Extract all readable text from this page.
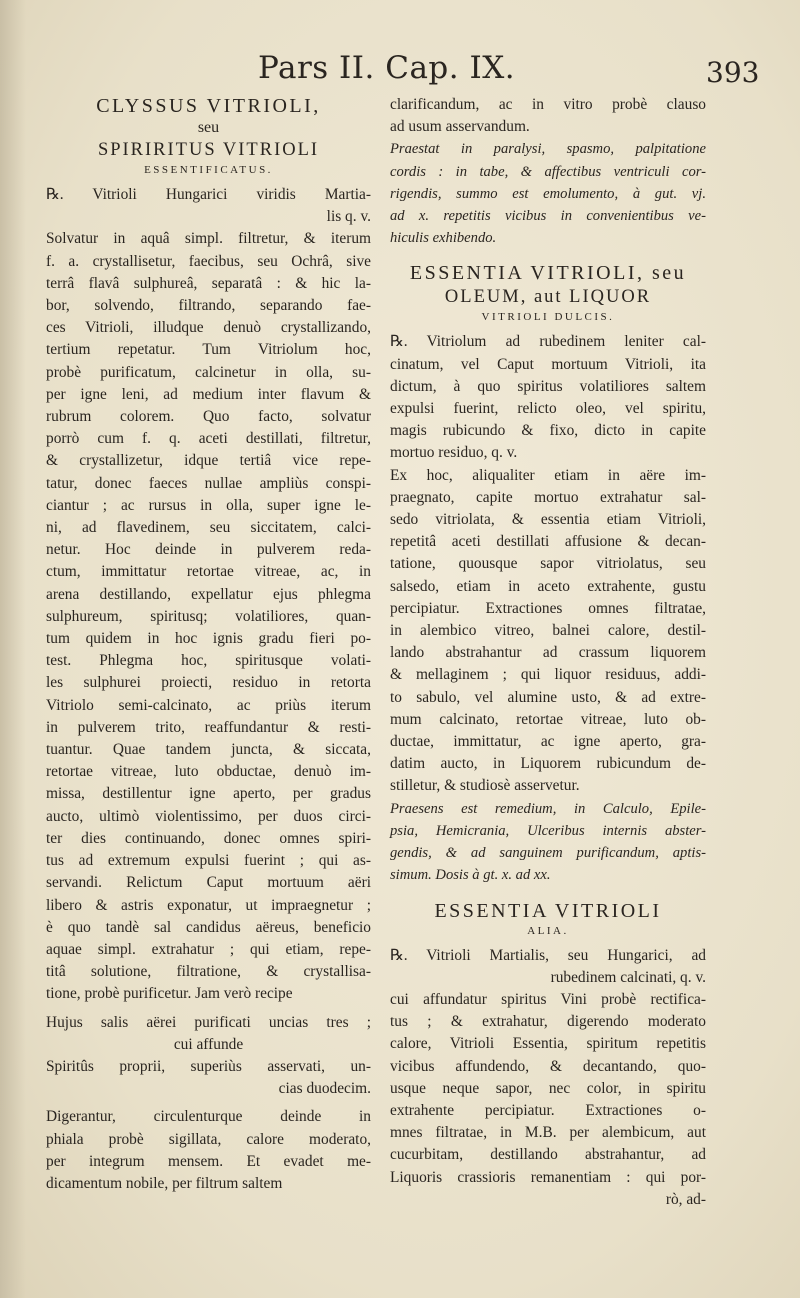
Pars II. Cap. IX.	393
CLYSSUS VITRIOLI,
seu
SPIRIRITUS VITRIOLI
ESSENTIFICATUS.
℞. Vitrioli Hungarici viridis Martia-
lis q. v.
Solvatur in aquâ simpl. filtretur, & iterum
f. a. crystallisetur, faecibus, seu Ochrâ, sive
terrâ flavâ sulphureâ, separatâ : & hic la-
bor, solvendo, filtrando, separando fae-
ces Vitrioli, illudque denuò crystallizando,
tertium repetatur. Tum Vitriolum hoc,
probè purificatum, calcinetur in olla, su-
per igne leni, ad medium inter flavum &
rubrum colorem. Quo facto, solvatur
porrò cum f. q. aceti destillati, filtretur,
& crystallizetur, idque tertiâ vice repe-
tatur, donec faeces nullae ampliùs conspi-
ciantur ; ac rursus in olla, super igne le-
ni, ad flavedinem, seu siccitatem, calci-
netur. Hoc deinde in pulverem reda-
ctum, immittatur retortae vitreae, ac, in
arena destillando, expellatur ejus phlegma
sulphureum, spiritusq; volatiliores, quan-
tum quidem in hoc ignis gradu fieri po-
test. Phlegma hoc, spiritusque volati-
les sulphurei proiecti, residuo in retorta
Vitriolo semi-calcinato, ac priùs iterum
in pulverem trito, reaffundantur & resti-
tuantur. Quae tandem juncta, & siccata,
retortae vitreae, luto obductae, denuò im-
missa, destillentur igne aperto, per gradus
aucto, ultimò violentissimo, per duos circi-
ter dies continuando, donec omnes spiri-
tus ad extremum expulsi fuerint ; qui as-
servandi. Relictum Caput mortuum aëri
libero & astris exponatur, ut impraegnetur ;
è quo tandè sal candidus aëreus, beneficio
aquae simpl. extrahatur ; qui etiam, repe-
titâ solutione, filtratione, & crystallisa-
tione, probè purificetur. Jam verò recipe
Hujus salis aërei purificati uncias tres ;
cui affunde
Spiritûs proprii, superiùs asservati, un-
cias duodecim.
Digerantur, circulenturque deinde in
phiala probè sigillata, calore moderato,
per integrum mensem. Et evadet me-
dicamentum nobile, per filtrum saltem
clarificandum, ac in vitro probè clauso
ad usum asservandum.
Praestat in paralysi, spasmo, palpitatione
cordis : in tabe, & affectibus ventriculi cor-
rigendis, summo est emolumento, à gut. vj.
ad x. repetitis vicibus in convenientibus ve-
hiculis exhibendo.
ESSENTIA VITRIOLI, seu
OLEUM, aut LIQUOR
VITRIOLI DULCIS.
℞. Vitriolum ad rubedinem leniter cal-
cinatum, vel Caput mortuum Vitrioli, ita
dictum, à quo spiritus volatiliores saltem
expulsi fuerint, relicto oleo, vel spiritu,
magis rubicundo & fixo, dicto in capite
mortuo residuo, q. v.
Ex hoc, aliqualiter etiam in aëre im-
praegnato, capite mortuo extrahatur sal-
sedo vitriolata, & essentia etiam Vitrioli,
repetitâ aceti destillati affusione & decan-
tatione, quousque sapor vitriolatus, seu
salsedo, etiam in aceto extrahente, gustu
percipiatur. Extractiones omnes filtratae,
in alembico vitreo, balnei calore, destil-
lando abstrahantur ad crassum liquorem
& mellaginem ; qui liquor residuus, addi-
to sabulo, vel alumine usto, & ad extre-
mum calcinato, retortae vitreae, luto ob-
ductae, immittatur, ac igne aperto, gra-
datim aucto, in Liquorem rubicundum de-
stilletur, & studiosè asservetur.
Praesens est remedium, in Calculo, Epile-
psia, Hemicrania, Ulceribus internis abster-
gendis, & ad sanguinem purificandum, aptis-
simum. Dosis à gt. x. ad xx.
ESSENTIA VITRIOLI
ALIA.
℞. Vitrioli Martialis, seu Hungarici, ad
rubedinem calcinati, q. v.
cui affundatur spiritus Vini probè rectifica-
tus ; & extrahatur, digerendo moderato
calore, Vitrioli Essentia, spiritum repetitis
vicibus affundendo, & decantando, quo-
usque neque sapor, nec color, in spiritu
extrahente percipiatur. Extractiones o-
mnes filtratae, in M.B. per alembicum, aut
cucurbitam, destillando abstrahantur, ad
Liquoris crassioris remanentiam : qui por-
rò, ad-
